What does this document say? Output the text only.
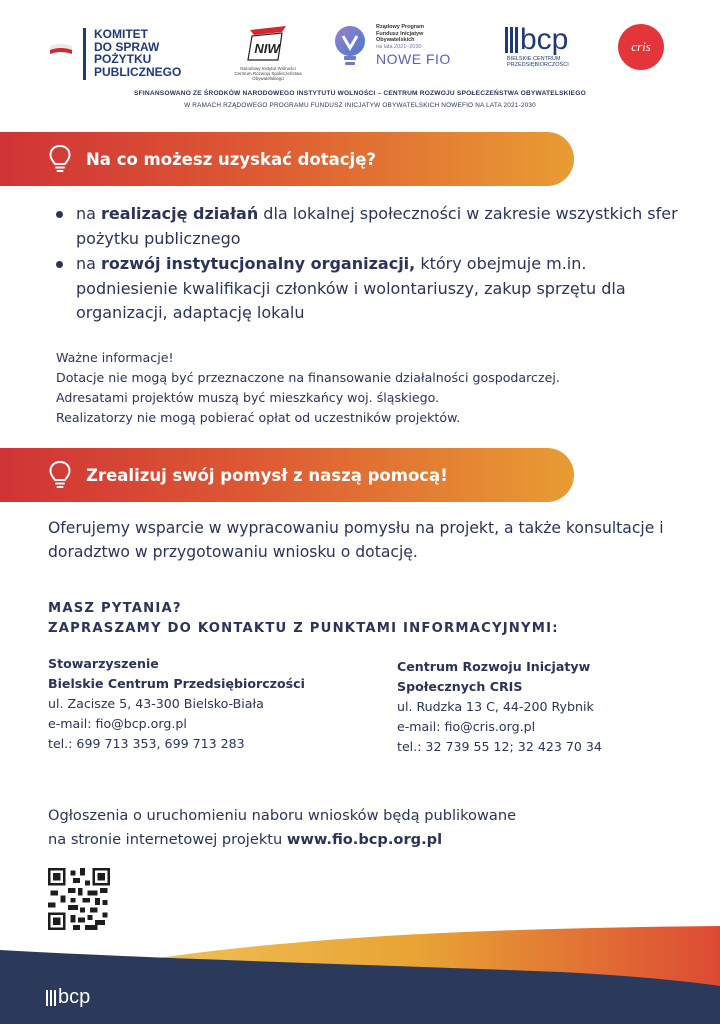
KOMITET
DO SPRAW
POŻYTKU
PUBLICZNEGO
NIW
Narodowy Instytut Wolności
Centrum Rozwoju Społeczeństwa Obywatelskiego
Rządowy Program
Fundusz Inicjatyw
Obywatelskich
na lata 2021–2030
NOWE FIO
bcp
BIELSKIE CENTRUM
PRZEDSIĘBIORCZOŚCI
cris
SFINANSOWANO ZE ŚRODKÓW NARODOWEGO INSTYTUTU WOLNOŚCI – CENTRUM ROZWOJU SPOŁECZEŃSTWA OBYWATELSKIEGO
W RAMACH RZĄDOWEGO PROGRAMU FUNDUSZ INICJATYW OBYWATELSKICH NOWEFIO NA LATA 2021-2030
Na co możesz uzyskać dotację?
na realizację działań dla lokalnej społeczności w zakresie wszystkich sfer pożytku publicznego
na rozwój instytucjonalny organizacji, który obejmuje m.in. podniesienie kwalifikacji członków i wolontariuszy, zakup sprzętu dla organizacji, adaptację lokalu
Ważne informacje!
Dotacje nie mogą być przeznaczone na finansowanie działalności gospodarczej.
Adresatami projektów muszą być mieszkańcy woj. śląskiego.
Realizatorzy nie mogą pobierać opłat od uczestników projektów.
Zrealizuj swój pomysł z naszą pomocą!
Oferujemy wsparcie w wypracowaniu pomysłu na projekt, a także konsultacje i doradztwo w przygotowaniu wniosku o dotację.
MASZ PYTANIA?
ZAPRASZAMY DO KONTAKTU Z PUNKTAMI INFORMACYJNYMI:
Stowarzyszenie
Bielskie Centrum Przedsiębiorczości
ul. Zacisze 5, 43-300 Bielsko-Biała
e-mail: fio@bcp.org.pl
tel.: 699 713 353, 699 713 283
Centrum Rozwoju Inicjatyw
Społecznych CRIS
ul. Rudzka 13 C, 44-200 Rybnik
e-mail: fio@cris.org.pl
tel.: 32 739 55 12; 32 423 70 34
Ogłoszenia o uruchomieniu naboru wniosków będą publikowane
na stronie internetowej projektu www.fio.bcp.org.pl
bcp
